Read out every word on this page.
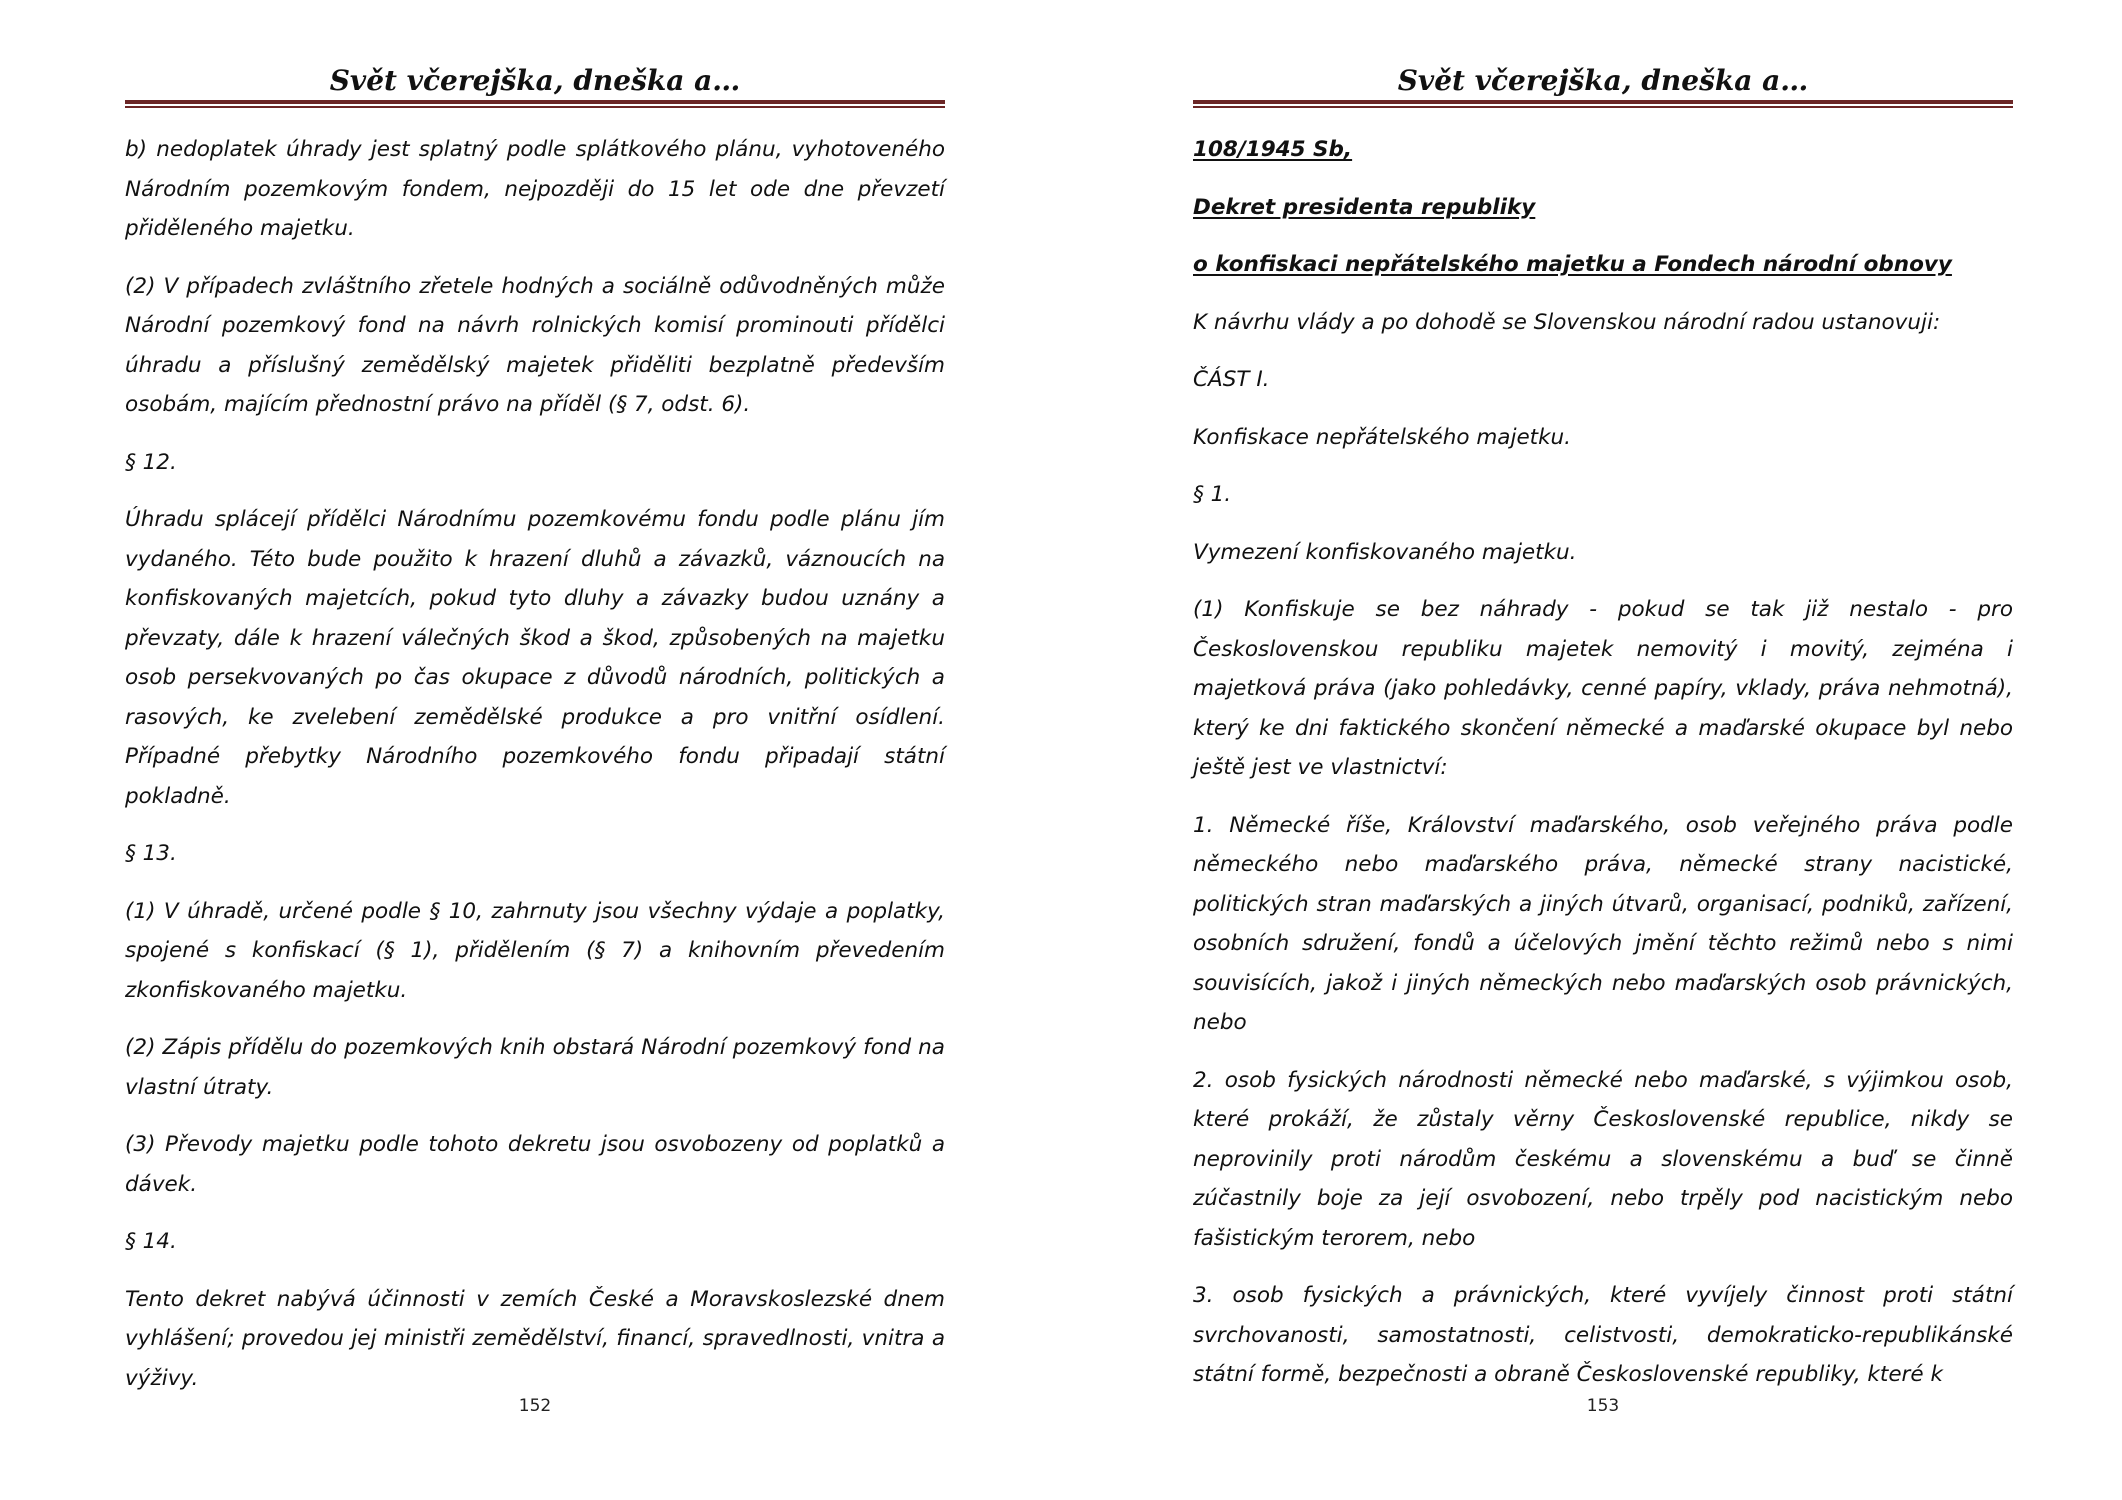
Svět včerejška, dneška a…

b) nedoplatek úhrady jest splatný podle splátkového plánu, vyhotoveného Národním pozemkovým fondem, nejpozději do 15 let ode dne převzetí přiděleného majetku.

(2) V případech zvláštního zřetele hodných a sociálně odůvodněných může Národní pozemkový fond na návrh rolnických komisí prominouti přídělci úhradu a příslušný zemědělský majetek přiděliti bezplatně především osobám, majícím přednostní právo na příděl (§ 7, odst. 6).

§ 12.

Úhradu splácejí přídělci Národnímu pozemkovému fondu podle plánu jím vydaného. Této bude použito k hrazení dluhů a závazků, váznoucích na konfiskovaných majetcích, pokud tyto dluhy a závazky budou uznány a převzaty, dále k hrazení válečných škod a škod, způsobených na majetku osob persekvovaných po čas okupace z důvodů národních, politických a rasových, ke zvelebení zemědělské produkce a pro vnitřní osídlení. Případné přebytky Národního pozemkového fondu připadají státní pokladně.

§ 13.

(1) V úhradě, určené podle § 10, zahrnuty jsou všechny výdaje a poplatky, spojené s konfiskací (§ 1), přidělením (§ 7) a knihovním převedením zkonfiskovaného majetku.

(2) Zápis přídělu do pozemkových knih obstará Národní pozemkový fond na vlastní útraty.

(3) Převody majetku podle tohoto dekretu jsou osvobozeny od poplatků a dávek.

§ 14.

Tento dekret nabývá účinnosti v zemích České a Moravskoslezské dnem vyhlášení; provedou jej ministři zemědělství, financí, spravedlnosti, vnitra a výživy.

152
Svět včerejška, dneška a…

108/1945 Sb,

Dekret presidenta republiky

o konfiskaci nepřátelského majetku a Fondech národní obnovy

K návrhu vlády a po dohodě se Slovenskou národní radou ustanovuji:

ČÁST I.

Konfiskace nepřátelského majetku.

§ 1.

Vymezení konfiskovaného majetku.

(1) Konfiskuje se bez náhrady - pokud se tak již nestalo - pro Československou republiku majetek nemovitý i movitý, zejména i majetková práva (jako pohledávky, cenné papíry, vklady, práva nehmotná), který ke dni faktického skončení německé a maďarské okupace byl nebo ještě jest ve vlastnictví:

1. Německé říše, Království maďarského, osob veřejného práva podle německého nebo maďarského práva, německé strany nacistické, politických stran maďarských a jiných útvarů, organisací, podniků, zařízení, osobních sdružení, fondů a účelových jmění těchto režimů nebo s nimi souvisících, jakož i jiných německých nebo maďarských osob právnických, nebo

2. osob fysických národnosti německé nebo maďarské, s výjimkou osob, které prokáží, že zůstaly věrny Československé republice, nikdy se neprovinily proti národům českému a slovenskému a buď se činně zúčastnily boje za její osvobození, nebo trpěly pod nacistickým nebo fašistickým terorem, nebo

3. osob fysických a právnických, které vyvíjely činnost proti státní svrchovanosti, samostatnosti, celistvosti, demokraticko-republikánské státní formě, bezpečnosti a obraně Československé republiky, které k

153
